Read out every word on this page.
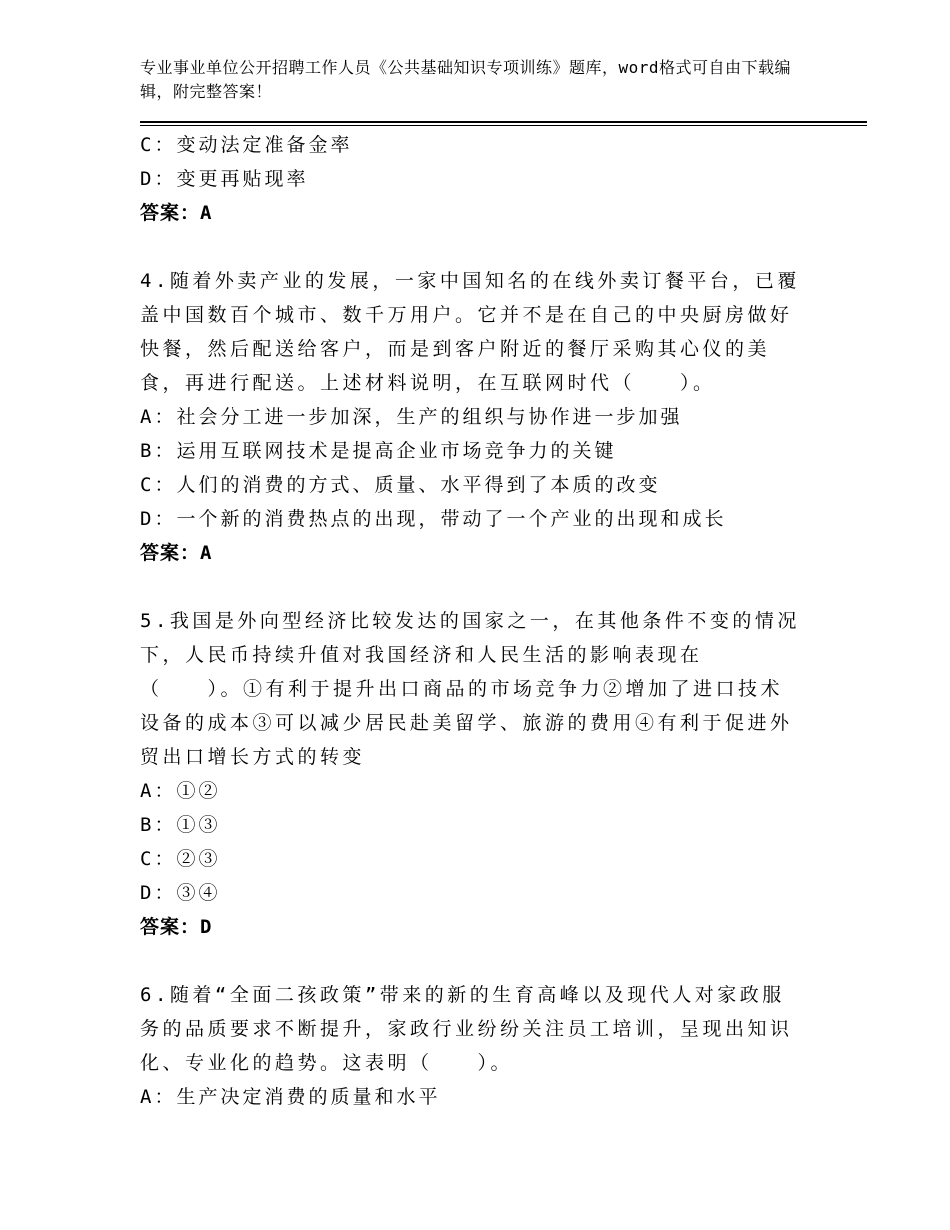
专业事业单位公开招聘工作人员《公共基础知识专项训练》题库，word格式可自由下载编辑，附完整答案！
C：变动法定准备金率
D：变更再贴现率
答案：A
4.随着外卖产业的发展，一家中国知名的在线外卖订餐平台，已覆盖中国数百个城市、数千万用户。它并不是在自己的中央厨房做好快餐，然后配送给客户，而是到客户附近的餐厅采购其心仪的美食，再进行配送。上述材料说明，在互联网时代（　　）。
A：社会分工进一步加深，生产的组织与协作进一步加强
B：运用互联网技术是提高企业市场竞争力的关键
C：人们的消费的方式、质量、水平得到了本质的改变
D：一个新的消费热点的出现，带动了一个产业的出现和成长
答案：A
5.我国是外向型经济比较发达的国家之一，在其他条件不变的情况下，人民币持续升值对我国经济和人民生活的影响表现在（　　）。①有利于提升出口商品的市场竞争力②增加了进口技术设备的成本③可以减少居民赴美留学、旅游的费用④有利于促进外贸出口增长方式的转变
A：①②
B：①③
C：②③
D：③④
答案：D
6.随着“全面二孩政策”带来的新的生育高峰以及现代人对家政服务的品质要求不断提升，家政行业纷纷关注员工培训，呈现出知识化、专业化的趋势。这表明（　　）。
A：生产决定消费的质量和水平
